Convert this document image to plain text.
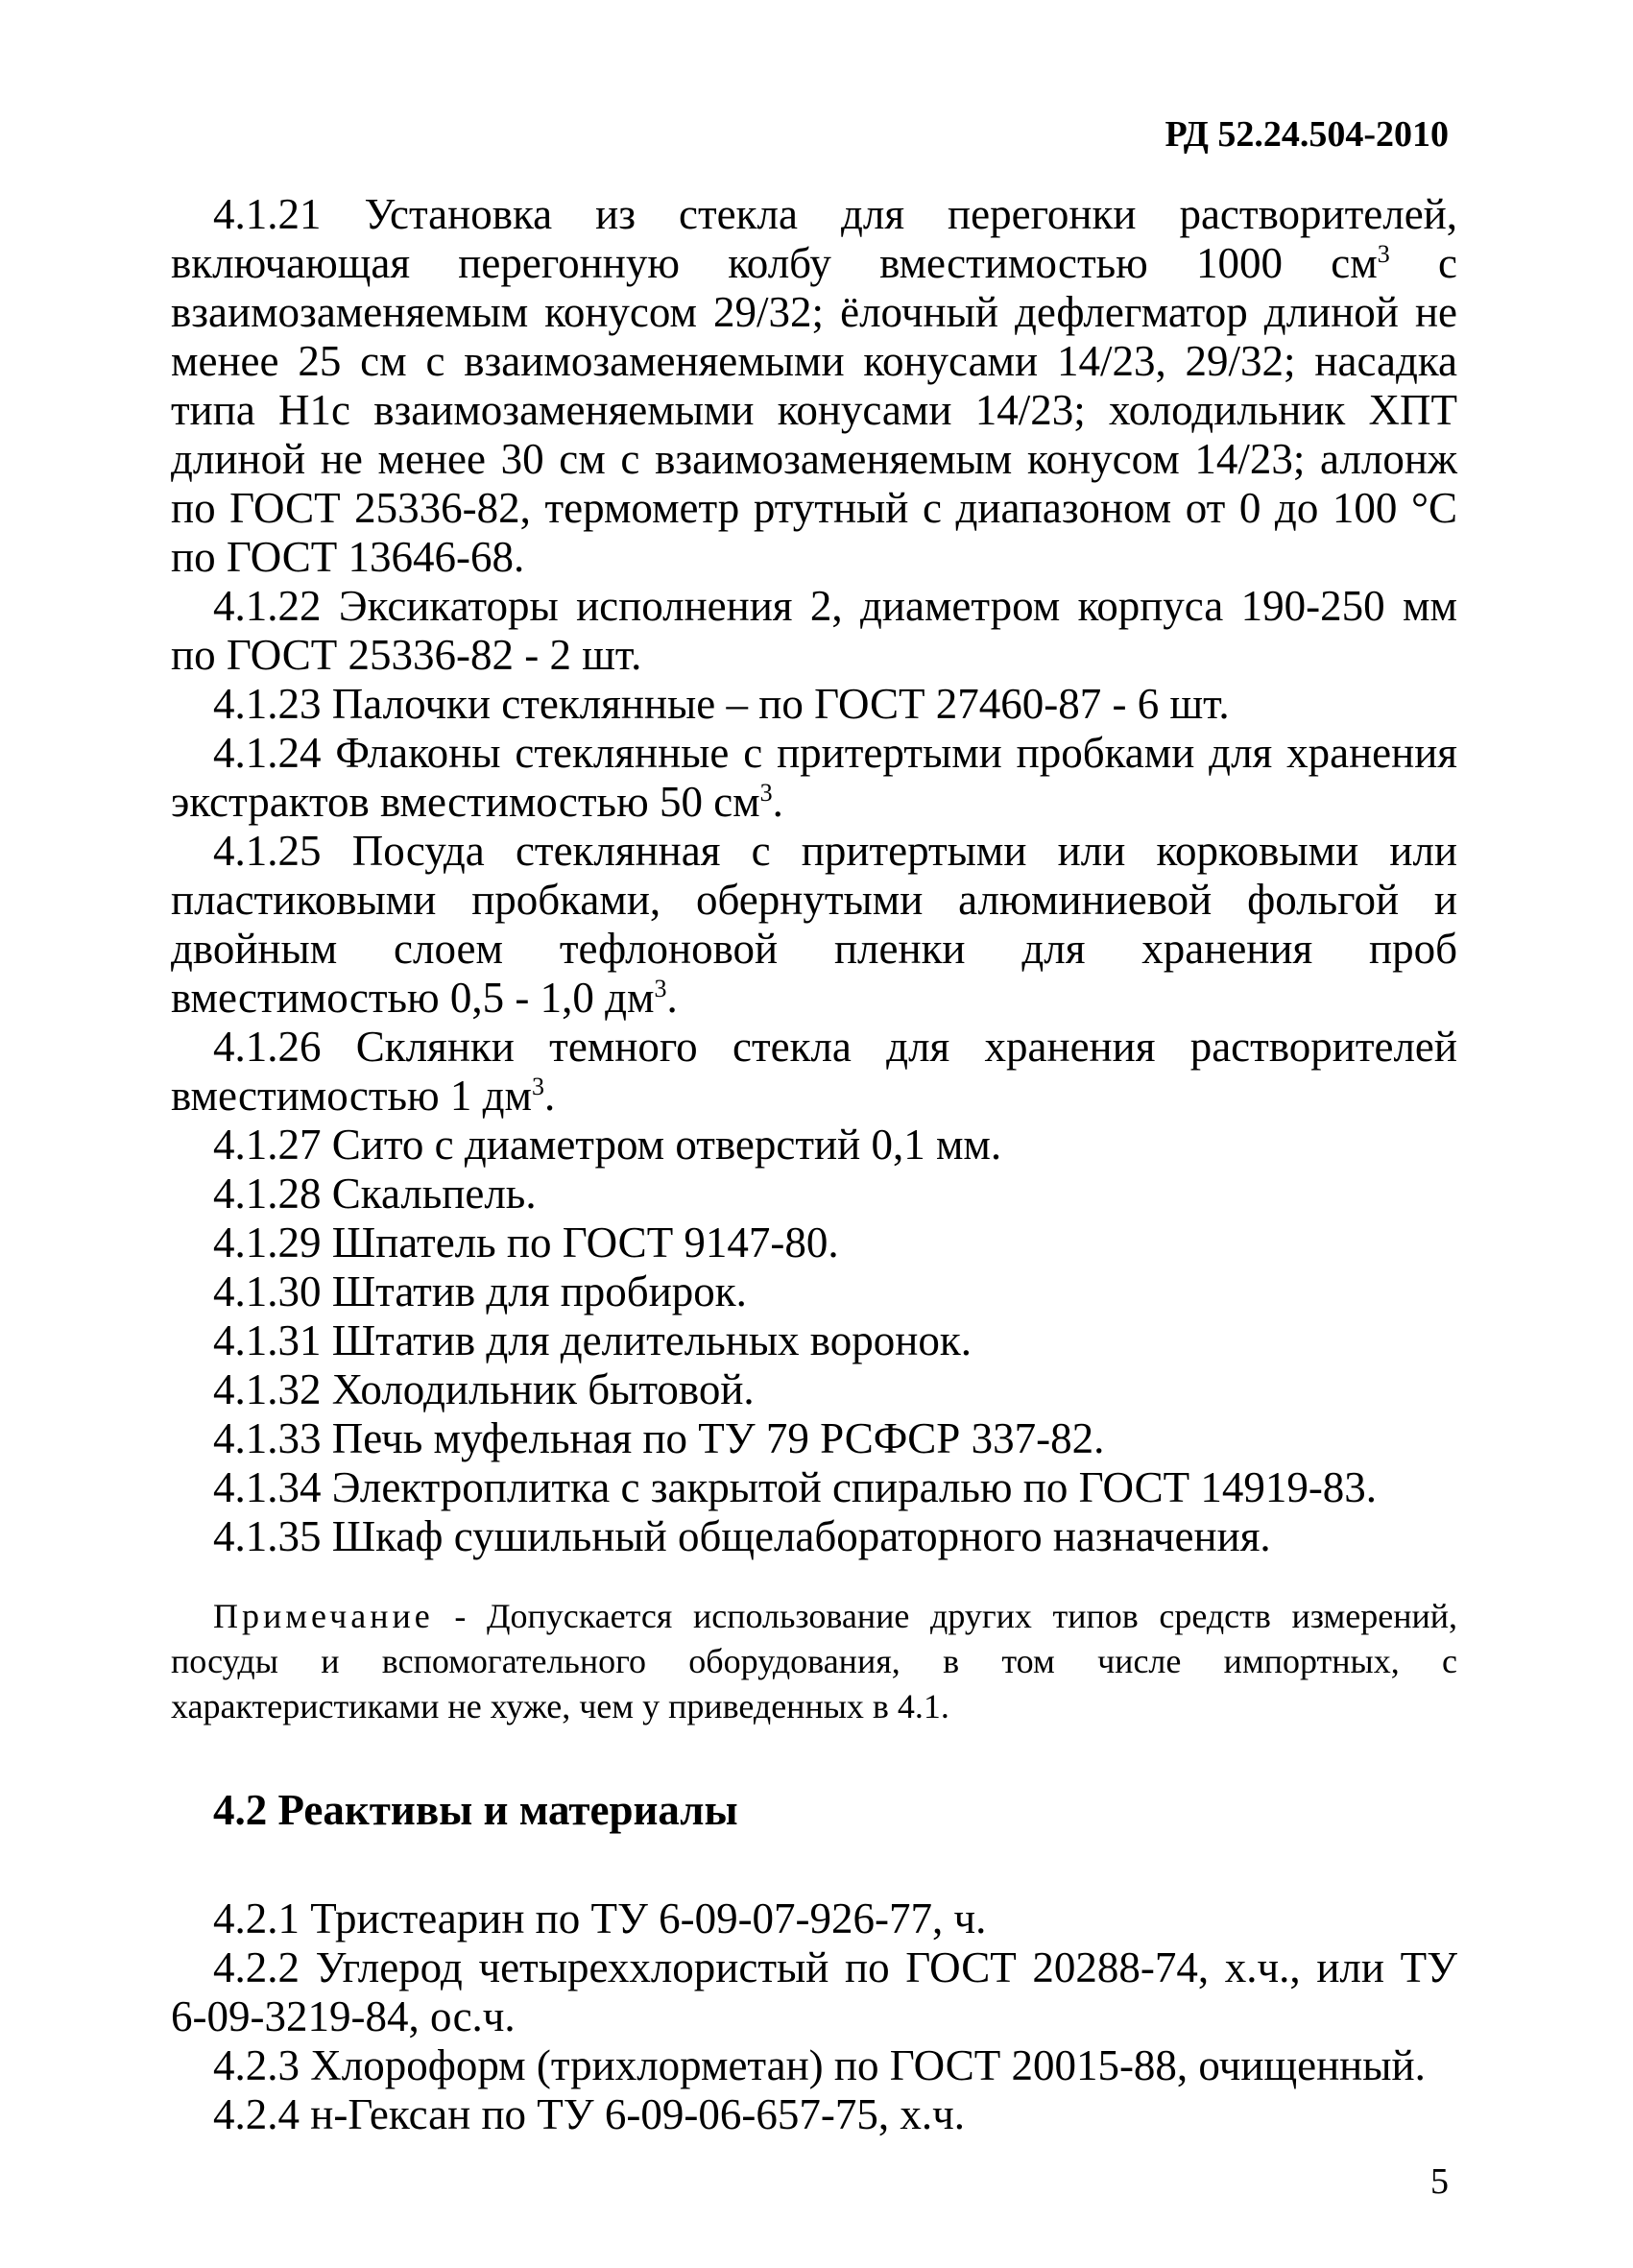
РД 52.24.504-2010

4.1.21 Установка из стекла для перегонки растворителей, включающая перегонную колбу вместимостью 1000 $см^3$ с взаимозаменяемым конусом 29/32; ёлочный дефлегматор длиной не менее 25 см с взаимозаменяемыми конусами 14/23, 29/32; насадка типа Н1с взаимозаменяемыми конусами 14/23; холодильник ХПТ длиной не менее 30 см с взаимозаменяемым конусом 14/23; аллонж по ГОСТ 25336-82, термометр ртутный с диапазоном от 0 до 100 °С по ГОСТ 13646-68.

4.1.22 Эксикаторы исполнения 2, диаметром корпуса 190-250 мм по ГОСТ 25336-82 - 2 шт.

4.1.23 Палочки стеклянные – по ГОСТ 27460-87 - 6 шт.

4.1.24 Флаконы стеклянные с притертыми пробками для хранения экстрактов вместимостью 50 $см^3$.

4.1.25 Посуда стеклянная с притертыми или корковыми или пластиковыми пробками, обернутыми алюминиевой фольгой и двойным слоем тефлоновой пленки для хранения проб вместимостью 0,5 - 1,0 $дм^3$.

4.1.26 Склянки темного стекла для хранения растворителей вместимостью 1 $дм^3$.

4.1.27 Сито с диаметром отверстий 0,1 мм.

4.1.28 Скальпель.

4.1.29 Шпатель по ГОСТ 9147-80.

4.1.30 Штатив для пробирок.

4.1.31 Штатив для делительных воронок.

4.1.32 Холодильник бытовой.

4.1.33 Печь муфельная по ТУ 79 РСФСР 337-82.

4.1.34 Электроплитка с закрытой спиралью по ГОСТ 14919-83.

4.1.35 Шкаф сушильный общелабораторного назначения.

Примечание - Допускается использование других типов средств измерений, посуды и вспомогательного оборудования, в том числе импортных, с характеристиками не хуже, чем у приведенных в 4.1.

4.2 Реактивы и материалы

4.2.1 Тристеарин по ТУ 6-09-07-926-77, ч.

4.2.2 Углерод четыреххлористый по ГОСТ 20288-74, х.ч., или ТУ 6-09-3219-84, ос.ч.

4.2.3 Хлороформ (трихлорметан) по ГОСТ 20015-88, очищенный.

4.2.4 н-Гексан по ТУ 6-09-06-657-75, х.ч.

5
